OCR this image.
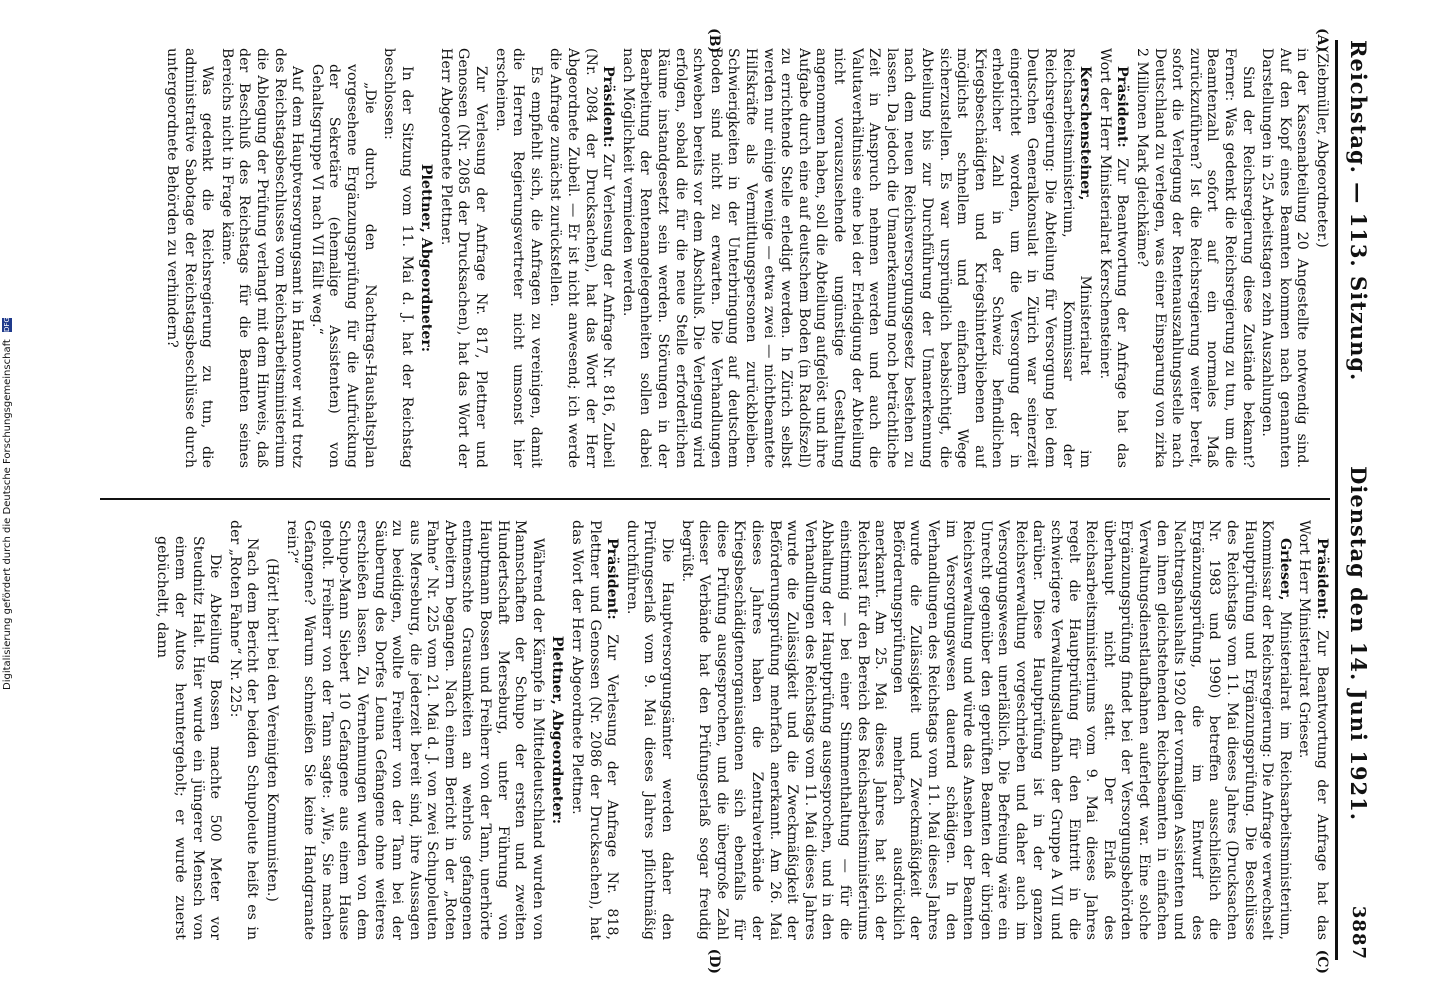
Reichstag. — 113. Sitzung.
Dienstag den 14. Juni 1921.
3887
(A)
(B)
(C)
(D)

(Ziebmüller, Abgeordneter.)

in der Kassenabteilung 20 Angestellte notwendig sind. Auf den Kopf eines Beamten kommen nach genannten Darstellungen in 25 Arbeitstagen zehn Auszahlungen.

Sind der Reichsregierung diese Zustände bekannt? Ferner: Was gedenkt die Reichsregierung zu tun, um die Beamtenzahl sofort auf ein normales Maß zurückzuführen? Ist die Reichsregierung weiter bereit, sofort die Verlegung der Rentenauszahlungsstelle nach Deutschland zu verlegen, was einer Einsparung von zirka 2 Millionen Mark gleichkäme?

Präsident: Zur Beantwortung der Anfrage hat das Wort der Herr Ministerialrat Kerschensteiner.

Kerschensteiner, Ministerialrat im Reichsarbeitsministerium, Kommissar der Reichsregierung: Die Abteilung für Versorgung bei dem Deutschen Generalkonsulat in Zürich war seinerzeit eingerichtet worden, um die Versorgung der in erheblicher Zahl in der Schweiz befindlichen Kriegsbeschädigten und Kriegshinterbliebenen auf möglichst schnellem und einfachem Wege sicherzustellen. Es war ursprünglich beabsichtigt, die Abteilung bis zur Durchführung der Umanerkennung nach dem neuen Reichsversorgungsgesetz bestehen zu lassen. Da jedoch die Umanerkennung noch beträchtliche Zeit in Anspruch nehmen werden und auch die Valutaverhältnisse eine bei der Erledigung der Abteilung nicht vorauszusehende ungünstige Gestaltung angenommen haben, soll die Abteilung aufgelöst und ihre Aufgabe durch eine auf deutschem Boden (in Radolfszell) zu errichtende Stelle erledigt werden. In Zürich selbst werden nur einige wenige — etwa zwei — nichtbeamtete Hilfskräfte als Vermittlungspersonen zurückbleiben. Schwierigkeiten in der Unterbringung auf deutschem Boden sind nicht zu erwarten. Die Verhandlungen schweben bereits vor dem Abschluß. Die Verlegung wird erfolgen, sobald die für die neue Stelle erforderlichen Räume instandgesetzt sein werden. Störungen in der Bearbeitung der Rentenangelegenheiten sollen dabei nach Möglichkeit vermieden werden.

Präsident: Zur Verlesung der Anfrage Nr. 816, Zubeil (Nr. 2084 der Drucksachen), hat das Wort der Herr Abgeordnete Zubeil. — Er ist nicht anwesend; ich werde die Anfrage zunächst zurückstellen.

Es empfiehlt sich, die Anfragen zu vereinigen, damit die Herren Regierungsvertreter nicht umsonst hier erscheinen.

Zur Verlesung der Anfrage Nr. 817, Plettner und Genossen (Nr. 2085 der Drucksachen), hat das Wort der Herr Abgeordnete Plettner.

Plettner, Abgeordneter:

In der Sitzung vom 11. Mai d. J. hat der Reichstag beschlossen:

„Die durch den Nachtrags-Haushaltsplan vorgesehene Ergänzungsprüfung für die Aufrückung der Sekretäre (ehemalige Assistenten) von Gehaltsgruppe VI nach VII fällt weg.“

Auf dem Hauptversorgungsamt in Hannover wird trotz des Reichstagsbeschlusses vom Reichsarbeitsministerium die Ablegung der Prüfung verlangt mit dem Hinweis, daß der Beschluß des Reichstags für die Beamten seines Bereichs nicht in Frage käme.

Was gedenkt die Reichsregierung zu tun, die administrative Sabotage der Reichstagsbeschlüsse durch untergeordnete Behörden zu verhindern?

Präsident: Zur Beantwortung der Anfrage hat das Wort Herr Ministerialrat Grieser.

Grieser, Ministerialrat im Reichsarbeitsministerium, Kommissar der Reichsregierung: Die Anfrage verwechselt Hauptprüfung und Ergänzungsprüfung. Die Beschlüsse des Reichstags vom 11. Mai dieses Jahres (Drucksachen Nr. 1983 und 1990) betreffen ausschließlich die Ergänzungsprüfung, die im Entwurf des Nachtragshaushalts 1920 der vormaligen Assistenten und den ihnen gleichstehenden Reichsbeamten in einfachen Verwaltungsdienstlaufbahnen auferlegt war. Eine solche Ergänzungsprüfung findet bei der Versorgungsbehörden überhaupt nicht statt. Der Erlaß des Reichsarbeitsministeriums vom 9. Mai dieses Jahres regelt die Hauptprüfung für den Eintritt in die schwierigere Verwaltungslaufbahn der Gruppe A VII und darüber. Diese Hauptprüfung ist in der ganzen Reichsverwaltung vorgeschrieben und daher auch im Versorgungswesen unerläßlich. Die Befreiung wäre ein Unrecht gegenüber den geprüften Beamten der übrigen Reichsverwaltung und würde das Ansehen der Beamten im Versorgungswesen dauernd schädigen. In den Verhandlungen des Reichstags vom 11. Mai dieses Jahres wurde die Zulässigkeit und Zweckmäßigkeit der Beförderungsprüfungen mehrfach ausdrücklich anerkannt. Am 25. Mai dieses Jahres hat sich der Reichsrat für den Bereich des Reichsarbeitsministeriums einstimmig — bei einer Stimmenthaltung — für die Abhaltung der Hauptprüfung ausgesprochen, und in den Verhandlungen des Reichstags vom 11. Mai dieses Jahres wurde die Zulässigkeit und die Zweckmäßigkeit der Beförderungsprüfung mehrfach anerkannt. Am 26. Mai dieses Jahres haben die Zentralverbände der Kriegsbeschädigtenorganisationen sich ebenfalls für diese Prüfung ausgesprochen, und die übergroße Zahl dieser Verbände hat den Prüfungserlaß sogar freudig begrüßt.

Die Hauptversorgungsämter werden daher den Prüfungserlaß vom 9. Mai dieses Jahres pflichtmäßig durchführen.

Präsident: Zur Verlesung der Anfrage Nr. 818, Plettner und Genossen (Nr. 2086 der Drucksachen), hat das Wort der Herr Abgeordnete Plettner.

Plettner, Abgeordneter:

Während der Kämpfe in Mitteldeutschland wurden von Mannschaften der Schupo der ersten und zweiten Hundertschaft Merseburg, unter Führung von Hauptmann Bossen und Freiherr von der Tann, unerhörte entmenschte Grausamkeiten an wehrlos gefangenen Arbeitern begangen. Nach einem Bericht in der „Roten Fahne“ Nr. 225 vom 21. Mai d. J. von zwei Schupoleuten aus Merseburg, die jederzeit bereit sind, ihre Aussagen zu beeidigen, wollte Freiherr von der Tann bei der Säuberung des Dorfes Leuna Gefangene ohne weiteres erschießen lassen. Zu Vernehmungen wurden von dem Schupo-Mann Siebert 10 Gefangene aus einem Hause geholt. Freiherr von der Tann sagte: „Wie, Sie machen Gefangene? Warum schmeißen Sie keine Handgranate rein?“

(Hört! hört! bei den Vereinigten Kommunisten.)

Nach dem Bericht der beiden Schupoleute heißt es in der „Roten Fahne“ Nr. 225:

Die Abteilung Bossen machte 500 Meter vor Steudnitz Halt. Hier wurde ein jüngerer Mensch von einem der Autos heruntergeholt; er wurde zuerst gebücheltt, dann

Digitalisierung gefördert durch die Deutsche Forschungsgemeinschaft DFG
